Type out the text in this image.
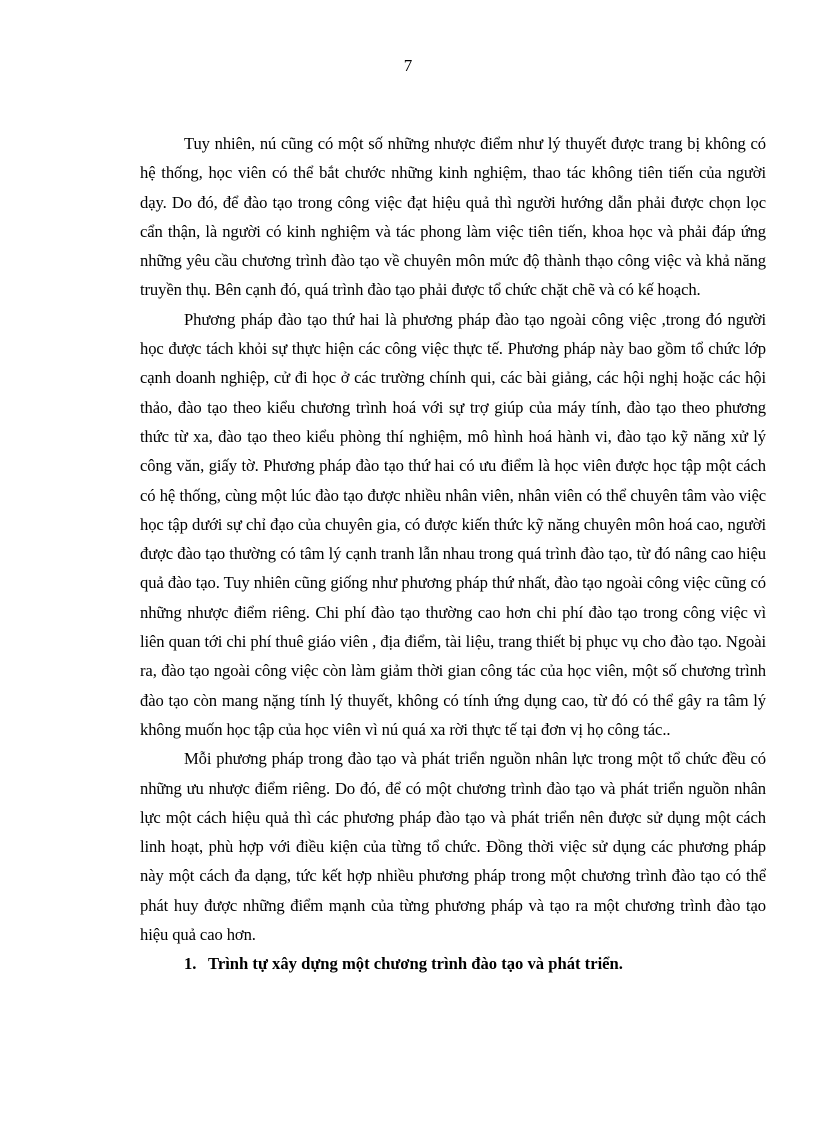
7

Tuy nhiên, nú cũng có một số những nhược điểm như lý thuyết được trang bị không có hệ thống, học viên có thể bắt chước những kinh nghiệm, thao tác không tiên tiến của người dạy. Do đó, để đào tạo trong công việc đạt hiệu quả thì người hướng dẫn phải được chọn lọc cẩn thận, là người có kinh nghiệm và tác phong làm việc tiên tiến, khoa học và phải đáp ứng những yêu cầu chương trình đào tạo về chuyên môn mức độ thành thạo công việc và khả năng truyền thụ. Bên cạnh đó, quá trình đào tạo phải được tổ chức chặt chẽ và có kế hoạch.

Phương pháp đào tạo thứ hai là phương pháp đào tạo ngoài công việc ,trong đó người học được tách khỏi sự thực hiện các công việc thực tế. Phương pháp này bao gồm tổ chức lớp cạnh doanh nghiệp, cử đi học ở các trường chính qui, các bài giảng, các hội nghị hoặc các hội thảo, đào tạo theo kiểu chương trình hoá với sự trợ giúp của máy tính, đào tạo theo phương thức từ xa, đào tạo theo kiểu phòng thí nghiệm, mô hình hoá hành vi, đào tạo kỹ năng xử lý công văn, giấy tờ. Phương pháp đào tạo thứ hai có ưu điểm là học viên được học tập một cách có hệ thống, cùng một lúc đào tạo được nhiều nhân viên, nhân viên có thể chuyên tâm vào việc học tập dưới sự chỉ đạo của chuyên gia, có được kiến thức kỹ năng chuyên môn hoá cao, người được đào tạo thường có tâm lý cạnh tranh lẫn nhau trong quá trình đào tạo, từ đó nâng cao hiệu quả đào tạo. Tuy nhiên cũng giống như phương pháp thứ nhất, đào tạo ngoài công việc cũng có những nhược điểm riêng. Chi phí đào tạo thường cao hơn chi phí đào tạo trong công việc vì liên quan tới chi phí thuê giáo viên , địa điểm, tài liệu, trang thiết bị phục vụ cho đào tạo. Ngoài ra, đào tạo ngoài công việc còn làm giảm thời gian công tác của học viên, một số chương trình đào tạo còn mang nặng tính lý thuyết, không có tính ứng dụng cao, từ đó có thể gây ra tâm lý không muốn học tập của học viên vì nú quá xa rời thực tế tại đơn vị họ công tác..

Mỗi phương pháp trong đào tạo và phát triển nguồn nhân lực trong một tổ chức đều có những ưu nhược điểm riêng. Do đó, để có một chương trình đào tạo và phát triển nguồn nhân lực một cách hiệu quả thì các phương pháp đào tạo và phát triển nên được sử dụng một cách linh hoạt, phù hợp với điều kiện của từng tổ chức. Đồng thời việc sử dụng các phương pháp này một cách đa dạng, tức kết hợp nhiều phương pháp trong một chương trình đào tạo có thể phát huy được những điểm mạnh của từng phương pháp và tạo ra một chương trình đào tạo hiệu quả cao hơn.

1. Trình tự xây dựng một chương trình đào tạo và phát triển.
